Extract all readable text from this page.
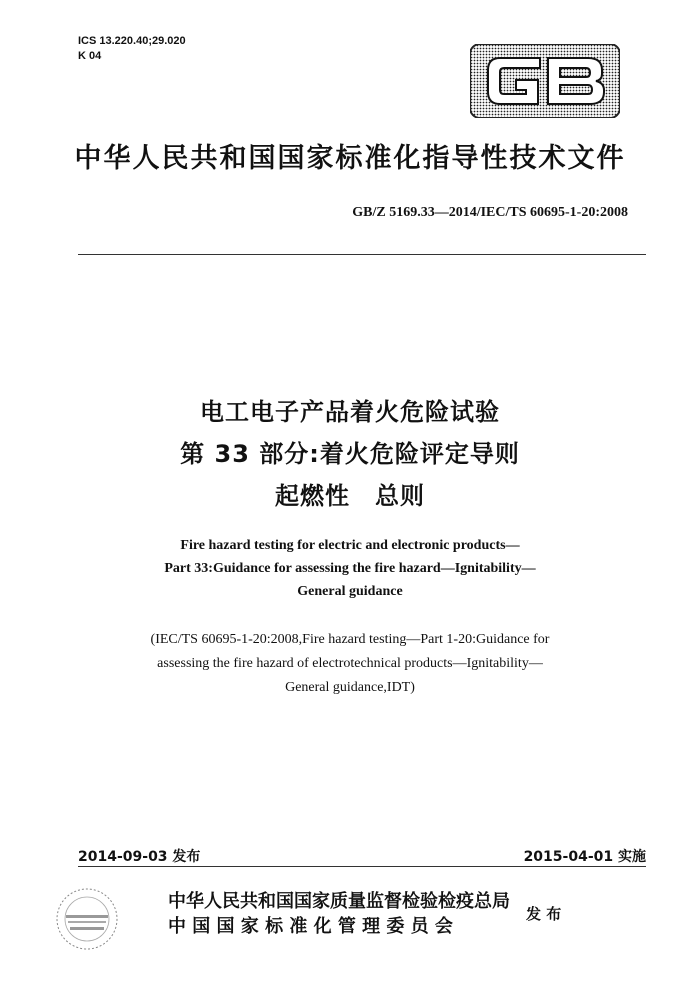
ICS 13.220.40;29.020
K 04
中华人民共和国国家标准化指导性技术文件
GB/Z 5169.33—2014/IEC/TS 60695-1-20:2008
电工电子产品着火危险试验
第 33 部分:着火危险评定导则
起燃性　总则
Fire hazard testing for electric and electronic products—
Part 33:Guidance for assessing the fire hazard—Ignitability—
General guidance
(IEC/TS 60695-1-20:2008,Fire hazard testing—Part 1-20:Guidance for
assessing the fire hazard of electrotechnical products—Ignitability—
General guidance,IDT)
2014-09-03 发布	2015-04-01 实施
中华人民共和国国家质量监督检验检疫总局
中 国 国 家 标 准 化 管 理 委 员 会
发 布
